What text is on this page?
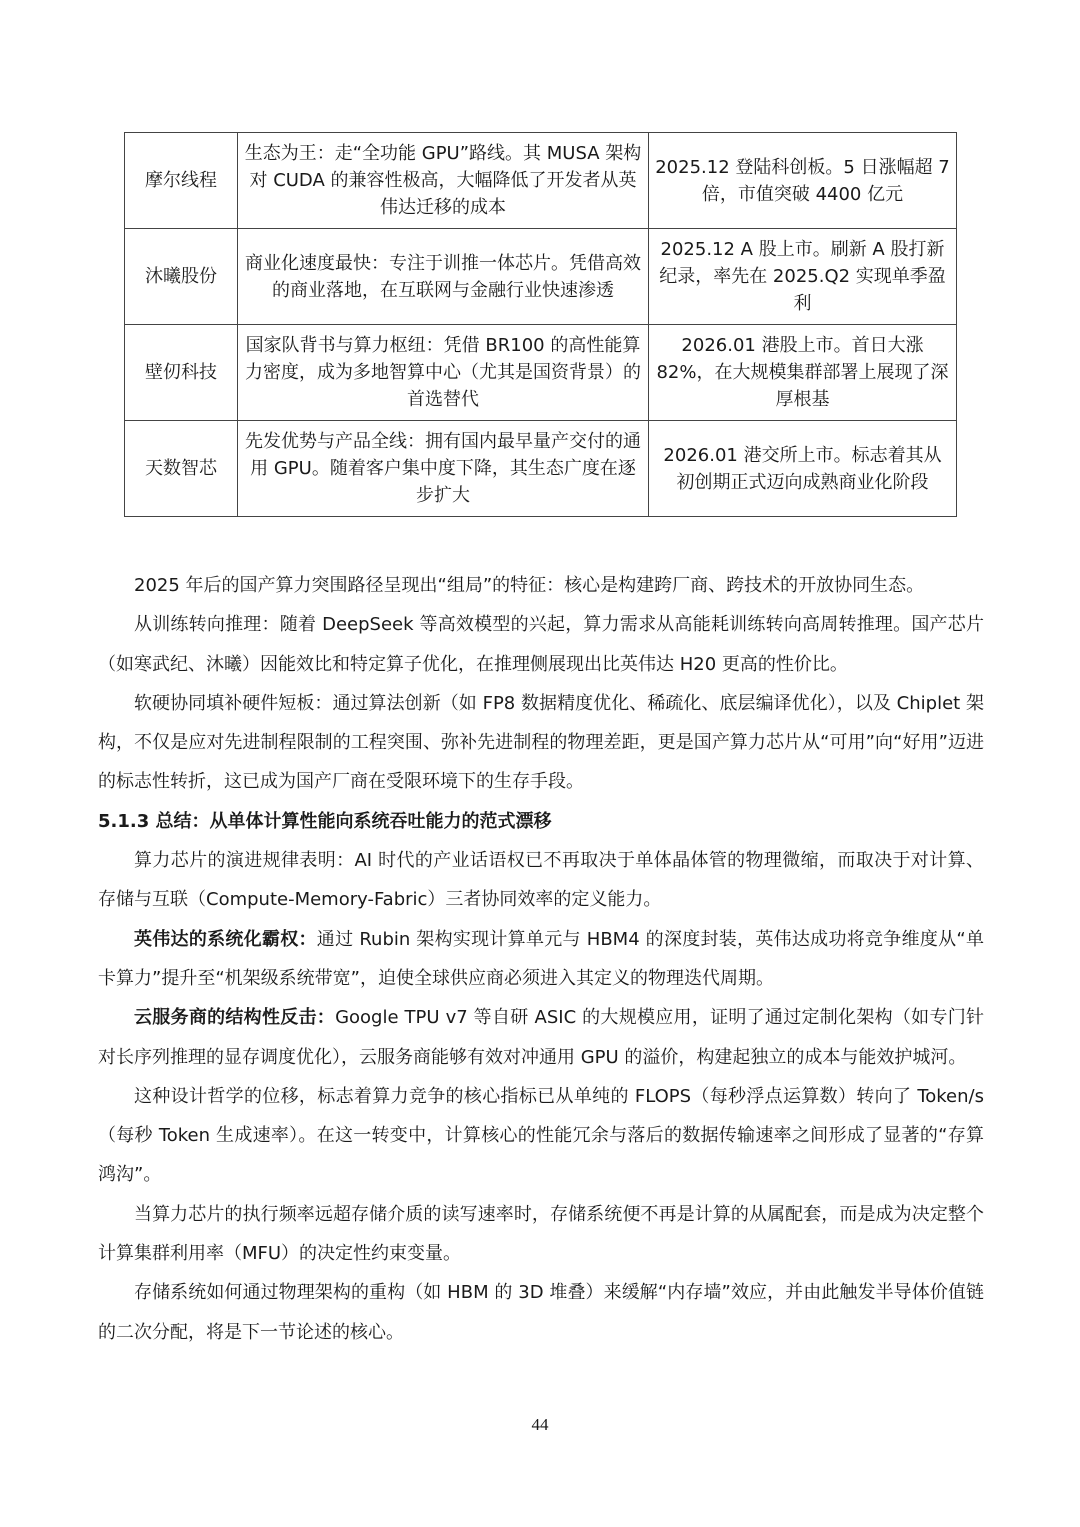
摩尔线程	生态为王：走“全功能 GPU”路线。其 MUSA 架构对 CUDA 的兼容性极高，大幅降低了开发者从英伟达迁移的成本	2025.12 登陆科创板。5 日涨幅超 7 倍，市值突破 4400 亿元
沐曦股份	商业化速度最快：专注于训推一体芯片。凭借高效的商业落地，在互联网与金融行业快速渗透	2025.12 A 股上市。刷新 A 股打新纪录，率先在 2025.Q2 实现单季盈利
壁仞科技	国家队背书与算力枢纽：凭借 BR100 的高性能算力密度，成为多地智算中心（尤其是国资背景）的首选替代	2026.01 港股上市。首日大涨 82%，在大规模集群部署上展现了深厚根基
天数智芯	先发优势与产品全线：拥有国内最早量产交付的通用 GPU。随着客户集中度下降，其生态广度在逐步扩大	2026.01 港交所上市。标志着其从初创期正式迈向成熟商业化阶段

2025 年后的国产算力突围路径呈现出“组局”的特征：核心是构建跨厂商、跨技术的开放协同生态。

从训练转向推理：随着 DeepSeek 等高效模型的兴起，算力需求从高能耗训练转向高周转推理。国产芯片（如寒武纪、沐曦）因能效比和特定算子优化，在推理侧展现出比英伟达 H20 更高的性价比。

软硬协同填补硬件短板：通过算法创新（如 FP8 数据精度优化、稀疏化、底层编译优化），以及 Chiplet 架构，不仅是应对先进制程限制的工程突围、弥补先进制程的物理差距，更是国产算力芯片从“可用”向“好用”迈进的标志性转折，这已成为国产厂商在受限环境下的生存手段。

5.1.3 总结：从单体计算性能向系统吞吐能力的范式漂移

算力芯片的演进规律表明：AI 时代的产业话语权已不再取决于单体晶体管的物理微缩，而取决于对计算、存储与互联（Compute-Memory-Fabric）三者协同效率的定义能力。

英伟达的系统化霸权：通过 Rubin 架构实现计算单元与 HBM4 的深度封装，英伟达成功将竞争维度从“单卡算力”提升至“机架级系统带宽”，迫使全球供应商必须进入其定义的物理迭代周期。

云服务商的结构性反击：Google TPU v7 等自研 ASIC 的大规模应用，证明了通过定制化架构（如专门针对长序列推理的显存调度优化），云服务商能够有效对冲通用 GPU 的溢价，构建起独立的成本与能效护城河。

这种设计哲学的位移，标志着算力竞争的核心指标已从单纯的 FLOPS（每秒浮点运算数）转向了 Token/s（每秒 Token 生成速率）。在这一转变中，计算核心的性能冗余与落后的数据传输速率之间形成了显著的“存算鸿沟”。

当算力芯片的执行频率远超存储介质的读写速率时，存储系统便不再是计算的从属配套，而是成为决定整个计算集群利用率（MFU）的决定性约束变量。

存储系统如何通过物理架构的重构（如 HBM 的 3D 堆叠）来缓解“内存墙”效应，并由此触发半导体价值链的二次分配，将是下一节论述的核心。

44
